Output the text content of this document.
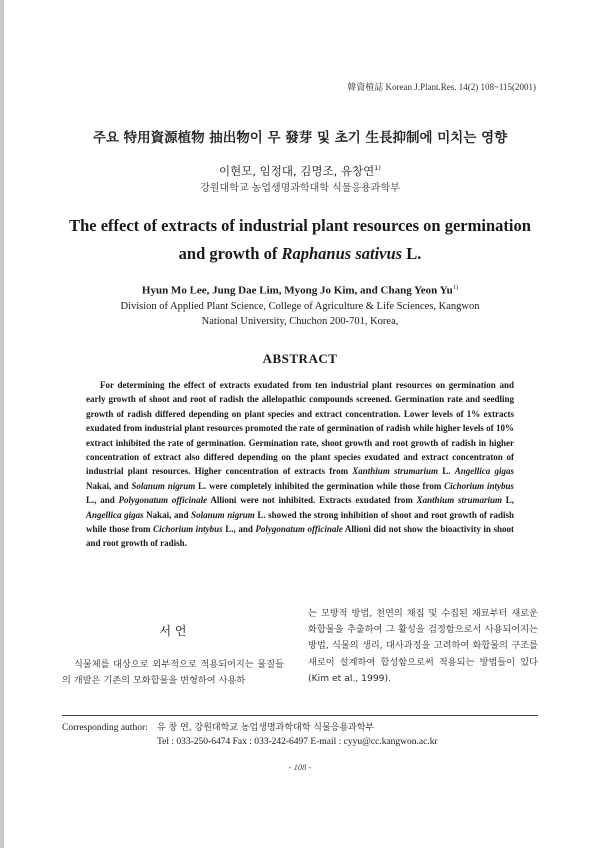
韓資植誌 Korean J.Plant.Res. 14(2) 108~115(2001)
주요 特用資源植物 抽出物이 무 發芽 및 초기 生長抑制에 미치는 영향
이현모, 임정대, 김명조, 유창연$^{1)}$
강원대학교 농업생명과학대학 식물응용과학부
The effect of extracts of industrial plant resources on germination
and growth of Raphanus sativus L.
Hyun Mo Lee, Jung Dae Lim, Myong Jo Kim, and Chang Yeon Yu$^{1)}$
Division of Applied Plant Science, College of Agriculture & Life Sciences, Kangwon
National University, Chuchon 200-701, Korea,
ABSTRACT

For determining the effect of extracts exudated from ten industrial plant resources on germination and early growth of shoot and root of radish the allelopathic compounds screened. Germination rate and seedling growth of radish differed depending on plant species and extract concentration. Lower levels of 1% extracts exudated from industrial plant resources promoted the rate of germination of radish while higher levels of 10% extract inhibited the rate of germination. Germination rate, shoot growth and root growth of radish in higher concentration of extract also differed depending on the plant species exudated and extract concentraton of industrial plant resources. Higher concentration of extracts from Xanthium strumarium L. Angellica gigas Nakai, and Solanum nigrum L. were completely inhibited the germination while those from Cichorium intybus L., and Polygonatum officinale Allioni were not inhibited. Extracts exudated from Xanthium strumarium L, Angellica gigas Nakai, and Solanum nigrum L. showed the strong inhibition of shoot and root growth of radish while those from Cichorium intybus L., and Polygonatum officinale Allioni did not show the bioactivity in shoot and root growth of radish.

서 언

식물체를 대상으로 외부적으로 적용되어지는 물질들의 개발은 기존의 모화합물을 변형하여 사용하

는 모방적 방법, 천연의 채집 및 수집된 재료부터 새로운 화합물을 추출하여 그 활성을 검정함으로서 사용되어지는 방법, 식물의 생리, 대사과정을 고려하여 화합물의 구조를 새로이 설계하여 합성함으로써 적용되는 방법들이 있다(Kim et al., 1999).

Corresponding author: 유 창 연, 강원대학교 농업생명과학대학 식물응용과학부
Tel : 033-250-6474 Fax : 033-242-6497 E-mail : cyyu@cc.kangwon.ac.kr
- 108 -
